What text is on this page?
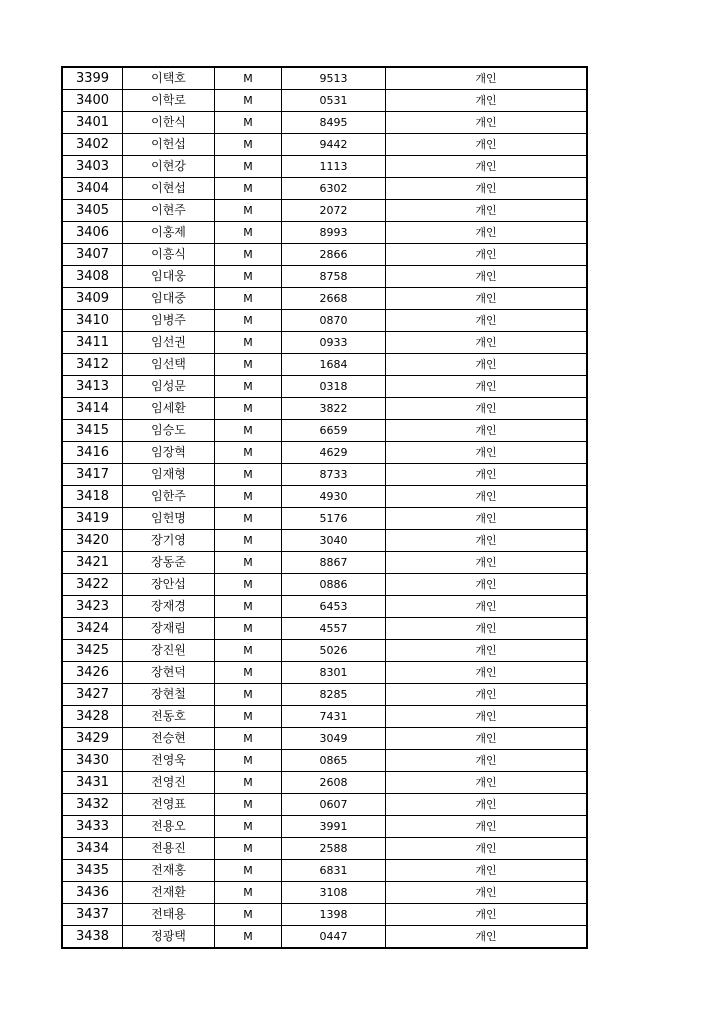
3399	이택호	M	9513	개인
3400	이학로	M	0531	개인
3401	이한식	M	8495	개인
3402	이헌섭	M	9442	개인
3403	이현강	M	1113	개인
3404	이현섭	M	6302	개인
3405	이현주	M	2072	개인
3406	이홍제	M	8993	개인
3407	이흥식	M	2866	개인
3408	임대웅	M	8758	개인
3409	임대중	M	2668	개인
3410	임병주	M	0870	개인
3411	임선권	M	0933	개인
3412	임선택	M	1684	개인
3413	임성문	M	0318	개인
3414	임세환	M	3822	개인
3415	임승도	M	6659	개인
3416	임장혁	M	4629	개인
3417	임재형	M	8733	개인
3418	임한주	M	4930	개인
3419	임헌명	M	5176	개인
3420	장기영	M	3040	개인
3421	장동준	M	8867	개인
3422	장안섭	M	0886	개인
3423	장재경	M	6453	개인
3424	장재림	M	4557	개인
3425	장진원	M	5026	개인
3426	장현덕	M	8301	개인
3427	장현철	M	8285	개인
3428	전동호	M	7431	개인
3429	전승현	M	3049	개인
3430	전영욱	M	0865	개인
3431	전영진	M	2608	개인
3432	전영표	M	0607	개인
3433	전용오	M	3991	개인
3434	전용진	M	2588	개인
3435	전재홍	M	6831	개인
3436	전재환	M	3108	개인
3437	전태용	M	1398	개인
3438	정광택	M	0447	개인
